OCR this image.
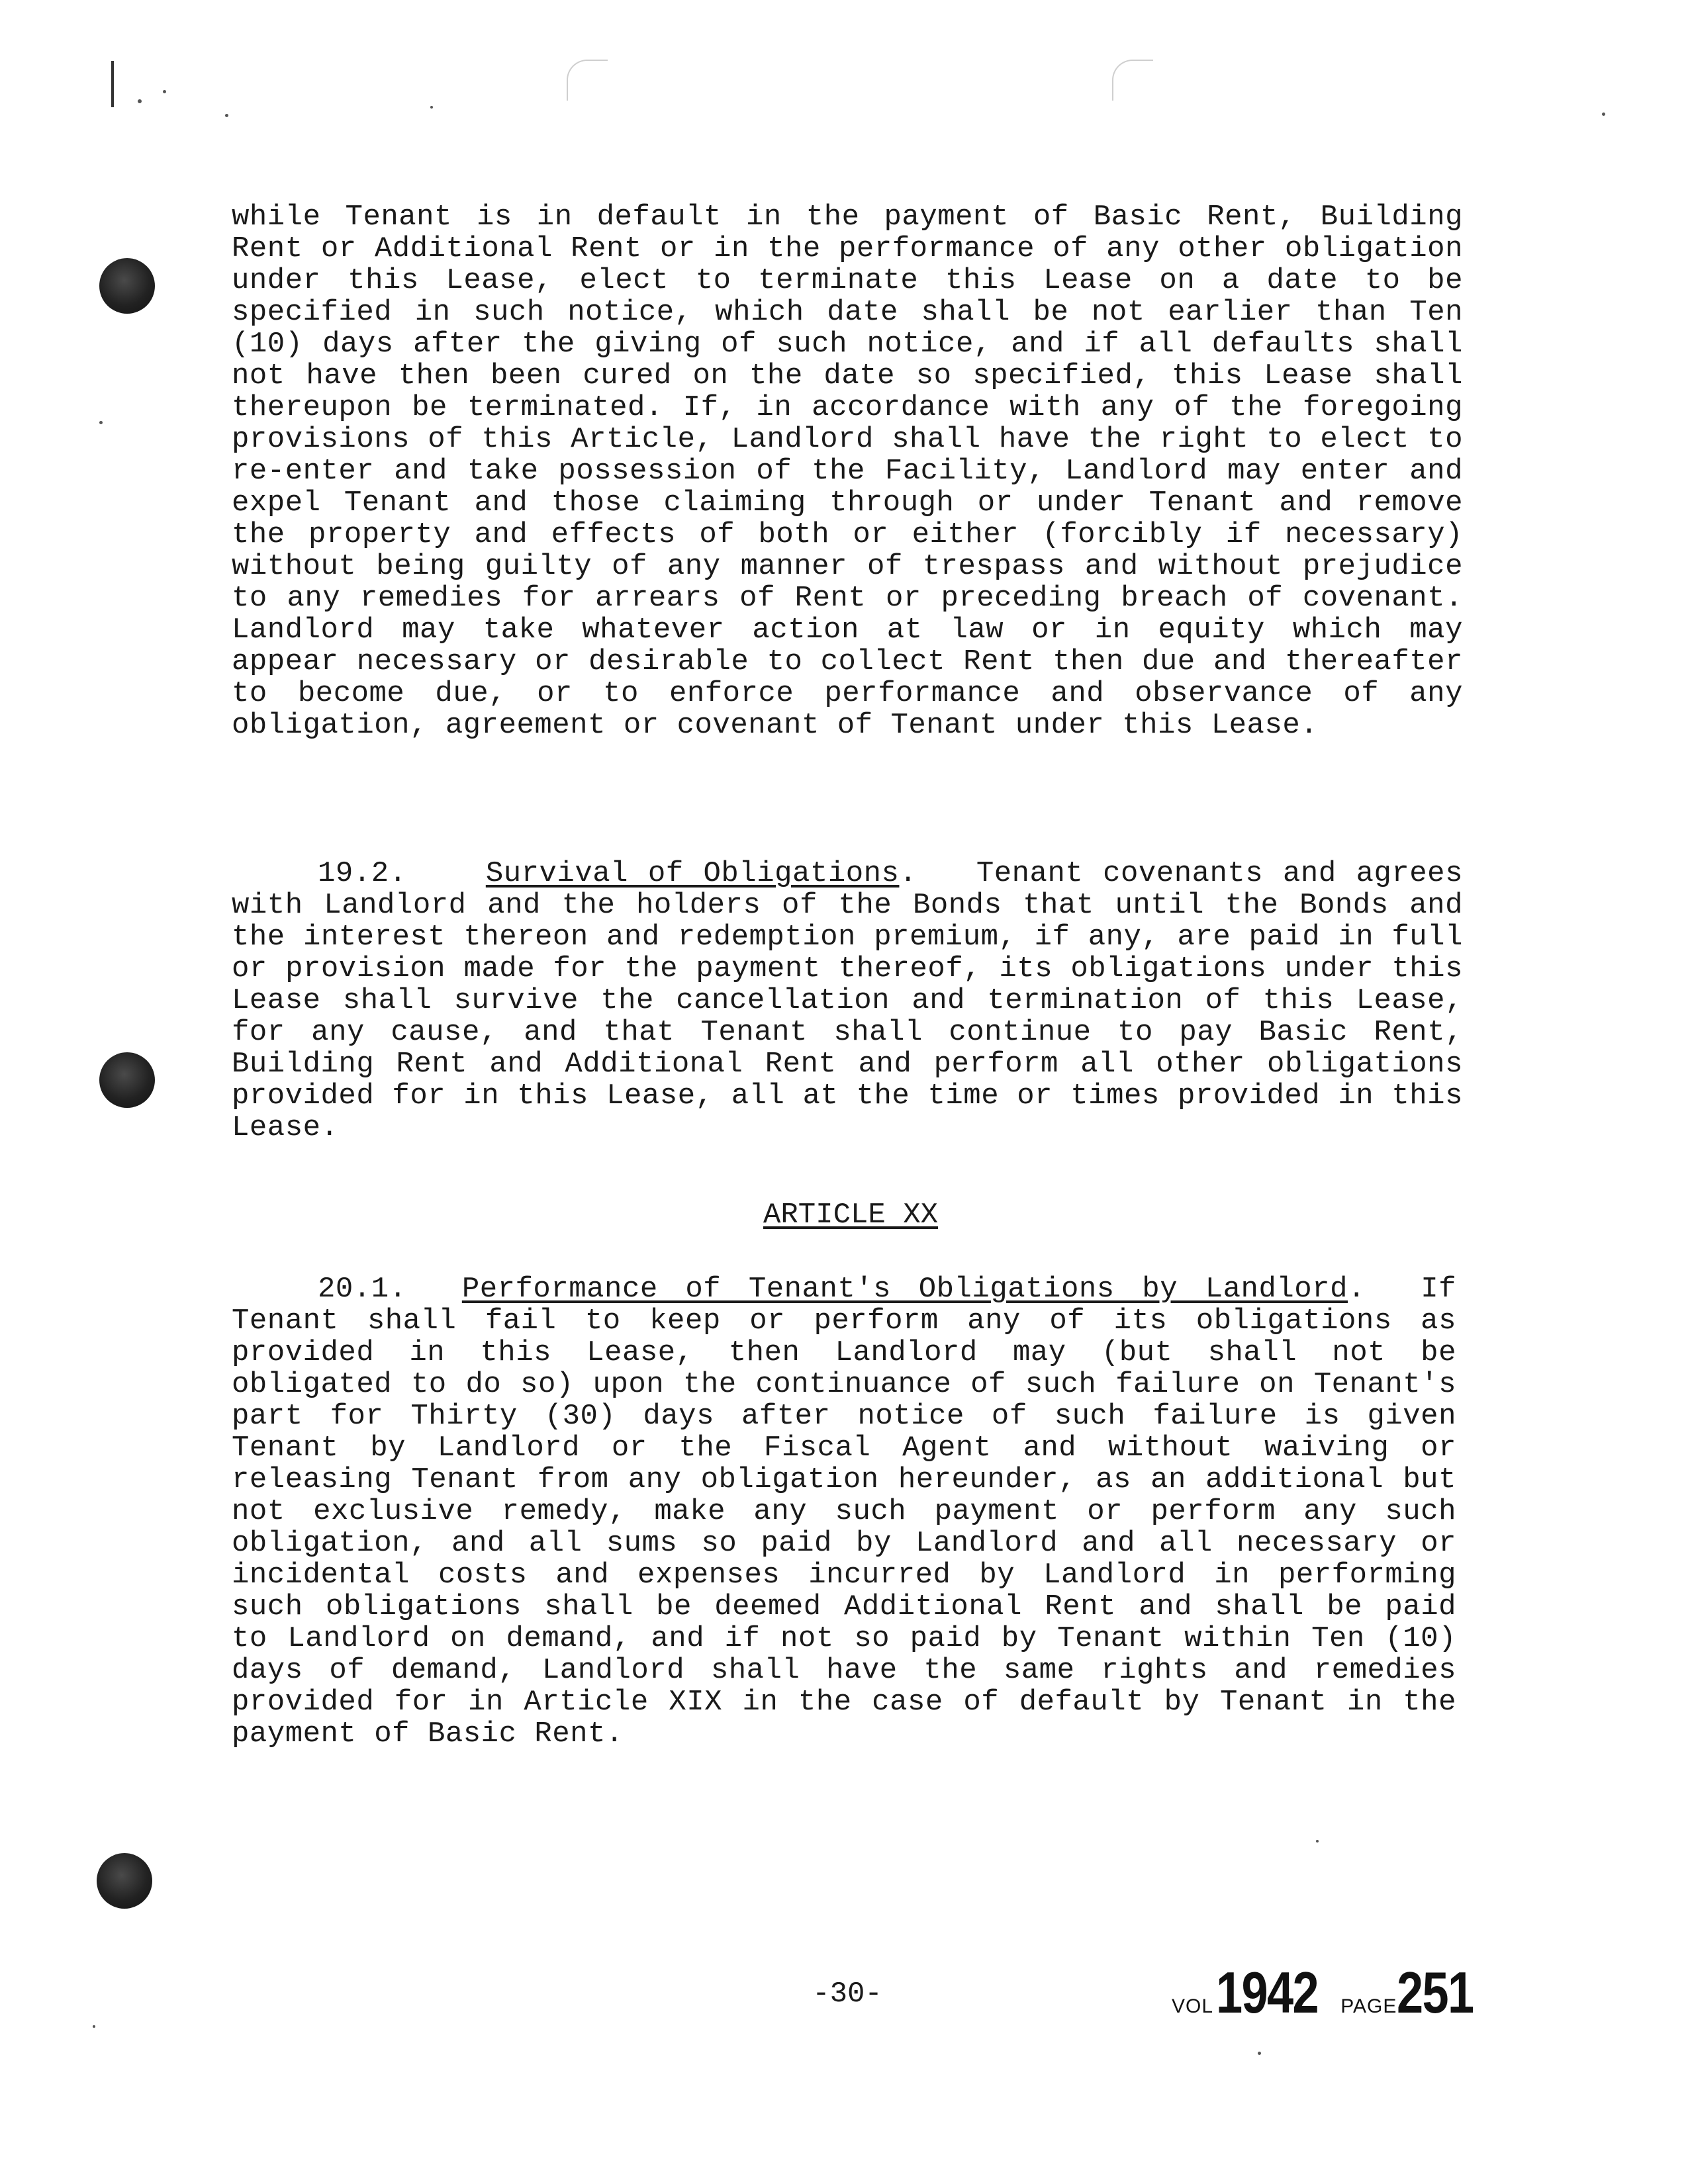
while Tenant is in default in the payment of Basic Rent, Building Rent or Additional Rent or in the performance of any other obligation under this Lease, elect to terminate this Lease on a date to be specified in such notice, which date shall be not earlier than Ten (10) days after the giving of such notice, and if all defaults shall not have then been cured on the date so specified, this Lease shall thereupon be terminated. If, in accordance with any of the foregoing provisions of this Article, Landlord shall have the right to elect to re-enter and take possession of the Facility, Landlord may enter and expel Tenant and those claiming through or under Tenant and remove the property and effects of both or either (forcibly if necessary) without being guilty of any manner of trespass and without prejudice to any remedies for arrears of Rent or preceding breach of covenant. Landlord may take whatever action at law or in equity which may appear necessary or desirable to collect Rent then due and thereafter to become due, or to enforce performance and observance of any obligation, agreement or covenant of Tenant under this Lease.
19.2.	Survival of Obligations. Tenant covenants and agrees with Landlord and the holders of the Bonds that until the Bonds and the interest thereon and redemption premium, if any, are paid in full or provision made for the payment thereof, its obligations under this Lease shall survive the cancellation and termination of this Lease, for any cause, and that Tenant shall continue to pay Basic Rent, Building Rent and Additional Rent and perform all other obligations provided for in this Lease, all at the time or times provided in this Lease.
ARTICLE XX
20.1. Performance of Tenant's Obligations by Landlord. If Tenant shall fail to keep or perform any of its obligations as provided in this Lease, then Landlord may (but shall not be obligated to do so) upon the continuance of such failure on Tenant's part for Thirty (30) days after notice of such failure is given Tenant by Landlord or the Fiscal Agent and without waiving or releasing Tenant from any obligation hereunder, as an additional but not exclusive remedy, make any such payment or perform any such obligation, and all sums so paid by Landlord and all necessary or incidental costs and expenses incurred by Landlord in performing such obligations shall be deemed Additional Rent and shall be paid to Landlord on demand, and if not so paid by Tenant within Ten (10) days of demand, Landlord shall have the same rights and remedies provided for in Article XIX in the case of default by Tenant in the payment of Basic Rent.
-30-	VOL 1942 PAGE251
